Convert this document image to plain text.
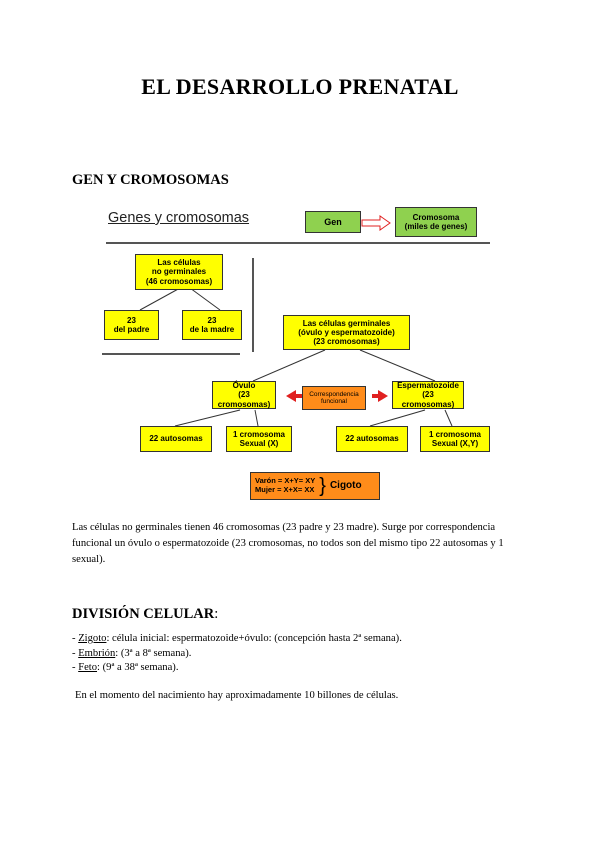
EL DESARROLLO PRENATAL
GEN Y CROMOSOMAS
Genes y cromosomas	Gen	Cromosoma
(miles de genes)
Las células
no germinales
(46 cromosomas)
23
del padre
23
de la madre
Las células germinales
(óvulo y espermatozoide)
(23 cromosomas)
Óvulo
(23 cromosomas)
Correspondencia
funcional
Espermatozoide
(23 cromosomas)
22 autosomas
1 cromosoma
Sexual (X)
22 autosomas
1 cromosoma
Sexual (X,Y)
Varón = X+Y= XY
Mujer = X+X= XX } Cigoto
Las células no germinales tienen 46 cromosomas (23 padre y 23 madre). Surge por correspondencia funcional un óvulo o espermatozoide (23 cromosomas, no todos son del mismo tipo 22 autosomas y 1 sexual).
DIVISIÓN CELULAR:
- Zigoto: célula inicial: espermatozoide+óvulo: (concepción hasta 2ª semana).
- Embrión: (3ª a 8ª semana).
- Feto: (9ª a 38ª semana).
En el momento del nacimiento hay aproximadamente 10 billones de células.
